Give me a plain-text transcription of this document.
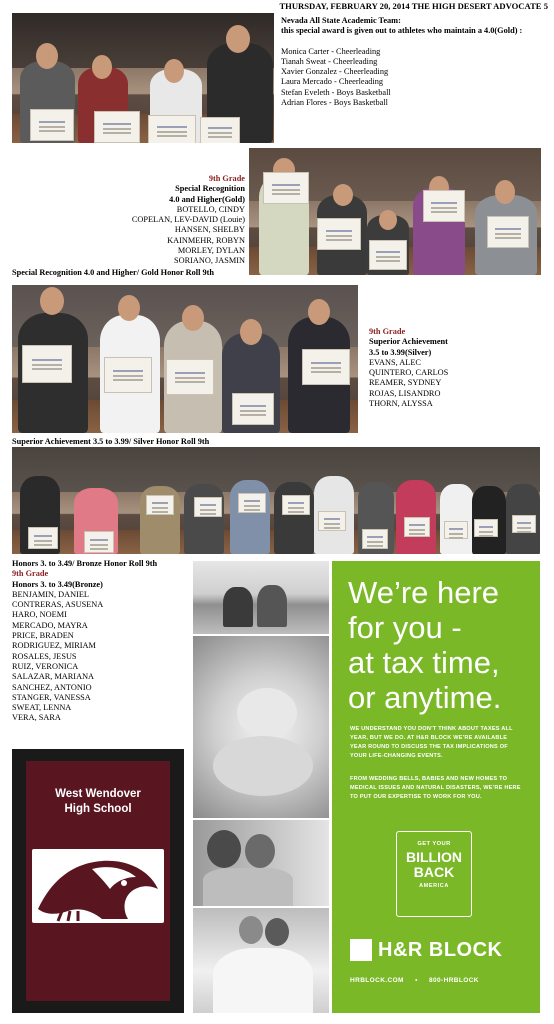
THURSDAY, FEBRUARY 20, 2014 THE HIGH DESERT ADVOCATE 5
Nevada All State Academic Team:
this special award is given out to athletes who maintain a 4.0(Gold) :
Monica Carter - Cheerleading
Tianah Sweat - Cheerleading
Xavier Gonzalez - Cheerleading
Laura Mercado - Cheerleading
Stefan Eveleth - Boys Basketball
Adrian Flores - Boys Basketball
9th Grade
Special Recognition
4.0 and Higher(Gold)
BOTELLO, CINDY
COPELAN, LEV-DAVID (Louie)
HANSEN, SHELBY
KAINMEHR, ROBYN
MORLEY, DYLAN
SORIANO, JASMIN
Special Recognition 4.0 and Higher/ Gold Honor Roll 9th
9th Grade
Superior Achievement
3.5 to 3.99(Silver)
EVANS, ALEC
QUINTERO, CARLOS
REAMER, SYDNEY
ROJAS, LISANDRO
THORN, ALYSSA
Superior Achievement 3.5 to 3.99/ Silver Honor Roll 9th
Honors 3. to 3.49/ Bronze Honor Roll 9th
9th Grade
Honors 3. to 3.49(Bronze)
BENJAMIN, DANIEL
CONTRERAS, ASUSENA
HARO, NOEMI
MERCADO, MAYRA
PRICE, BRADEN
RODRIGUEZ, MIRIAM
ROSALES, JESUS
RUIZ, VERONICA
SALAZAR, MARIANA
SANCHEZ, ANTONIO
STANGER, VANESSA
SWEAT, LENNA
VERA, SARA
West Wendover
High School
We’re here
for you -
at tax time,
or anytime.
WE UNDERSTAND YOU DON’T THINK ABOUT TAXES ALL YEAR, BUT WE DO. AT H&R BLOCK WE’RE AVAILABLE YEAR ROUND TO DISCUSS THE TAX IMPLICATIONS OF YOUR LIFE-CHANGING EVENTS.
FROM WEDDING BELLS, BABIES AND NEW HOMES TO MEDICAL ISSUES AND NATURAL DISASTERS, WE’RE HERE TO PUT OUR EXPERTISE TO WORK FOR YOU.
GET YOUR
BILLION
BACK
AMERICA
H&R BLOCK
HRBLOCK.COM • 800-HRBLOCK
